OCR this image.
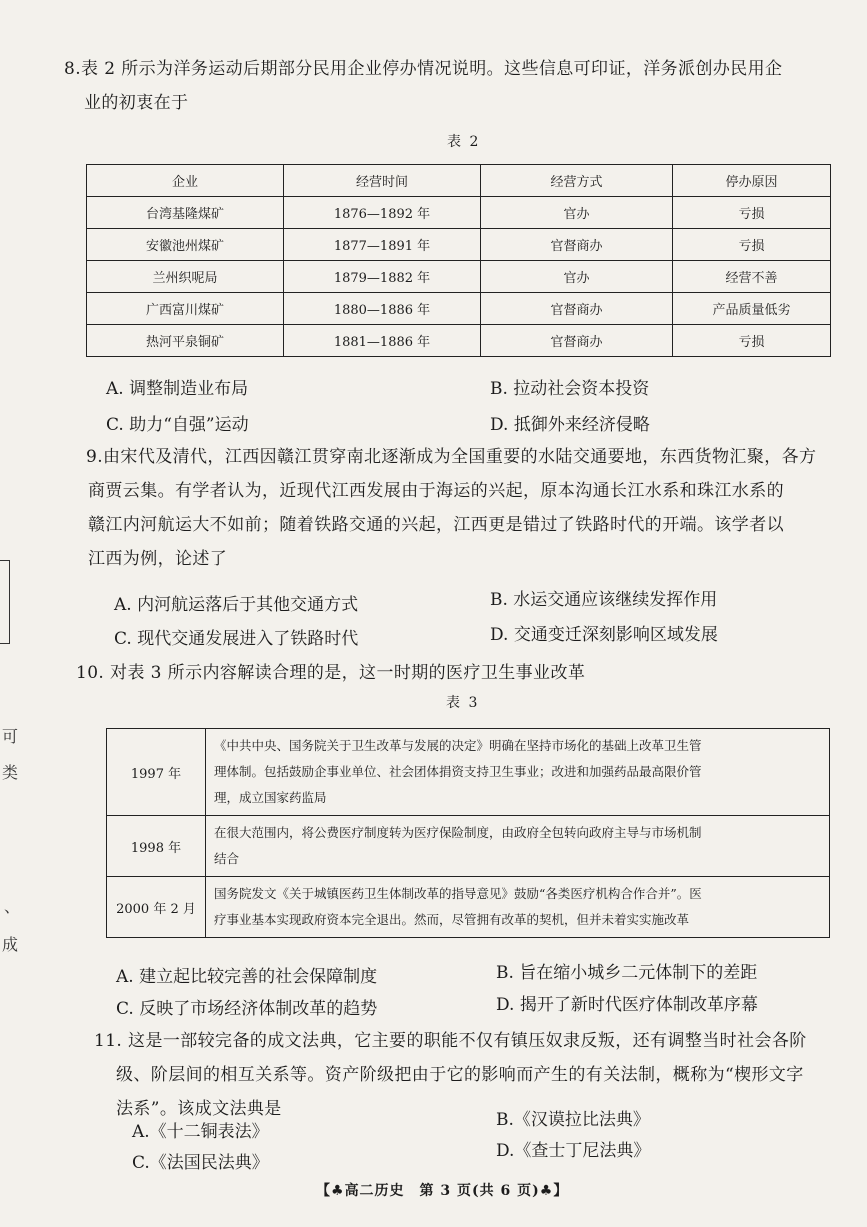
可
类
、
成
8.表 2 所示为洋务运动后期部分民用企业停办情况说明。这些信息可印证，洋务派创办民用企
业的初衷在于
表 2
企业	经营时间	经营方式	停办原因
台湾基隆煤矿	1876—1892 年	官办	亏损
安徽池州煤矿	1877—1891 年	官督商办	亏损
兰州织呢局	1879—1882 年	官办	经营不善
广西富川煤矿	1880—1886 年	官督商办	产品质量低劣
热河平泉铜矿	1881—1886 年	官督商办	亏损
A. 调整制造业布局	B. 拉动社会资本投资
C. 助力“自强”运动	D. 抵御外来经济侵略
9.由宋代及清代，江西因赣江贯穿南北逐渐成为全国重要的水陆交通要地，东西货物汇聚，各方
商贾云集。有学者认为，近现代江西发展由于海运的兴起，原本沟通长江水系和珠江水系的
赣江内河航运大不如前；随着铁路交通的兴起，江西更是错过了铁路时代的开端。该学者以
江西为例，论述了
A. 内河航运落后于其他交通方式	B. 水运交通应该继续发挥作用
C. 现代交通发展进入了铁路时代	D. 交通变迁深刻影响区域发展
10. 对表 3 所示内容解读合理的是，这一时期的医疗卫生事业改革
表 3
1997 年	《中共中央、国务院关于卫生改革与发展的决定》明确在坚持市场化的基础上改革卫生管
理体制。包括鼓励企事业单位、社会团体捐资支持卫生事业；改进和加强药品最高限价管
理，成立国家药监局

1998 年	在很大范围内，将公费医疗制度转为医疗保险制度，由政府全包转向政府主导与市场机制
结合

2000 年 2 月	国务院发文《关于城镇医药卫生体制改革的指导意见》鼓励“各类医疗机构合作合并”。医
疗事业基本实现政府资本完全退出。然而，尽管拥有改革的契机，但并未着实实施改革
A. 建立起比较完善的社会保障制度	B. 旨在缩小城乡二元体制下的差距
C. 反映了市场经济体制改革的趋势	D. 揭开了新时代医疗体制改革序幕
11. 这是一部较完备的成文法典，它主要的职能不仅有镇压奴隶反叛，还有调整当时社会各阶
级、阶层间的相互关系等。资产阶级把由于它的影响而产生的有关法制，概称为“楔形文字
法系”。该成文法典是
A.《十二铜表法》
B.《汉谟拉比法典》
C.《法国民法典》
D.《查士丁尼法典》
【♣高二历史　第 3 页(共 6 页)♣】
